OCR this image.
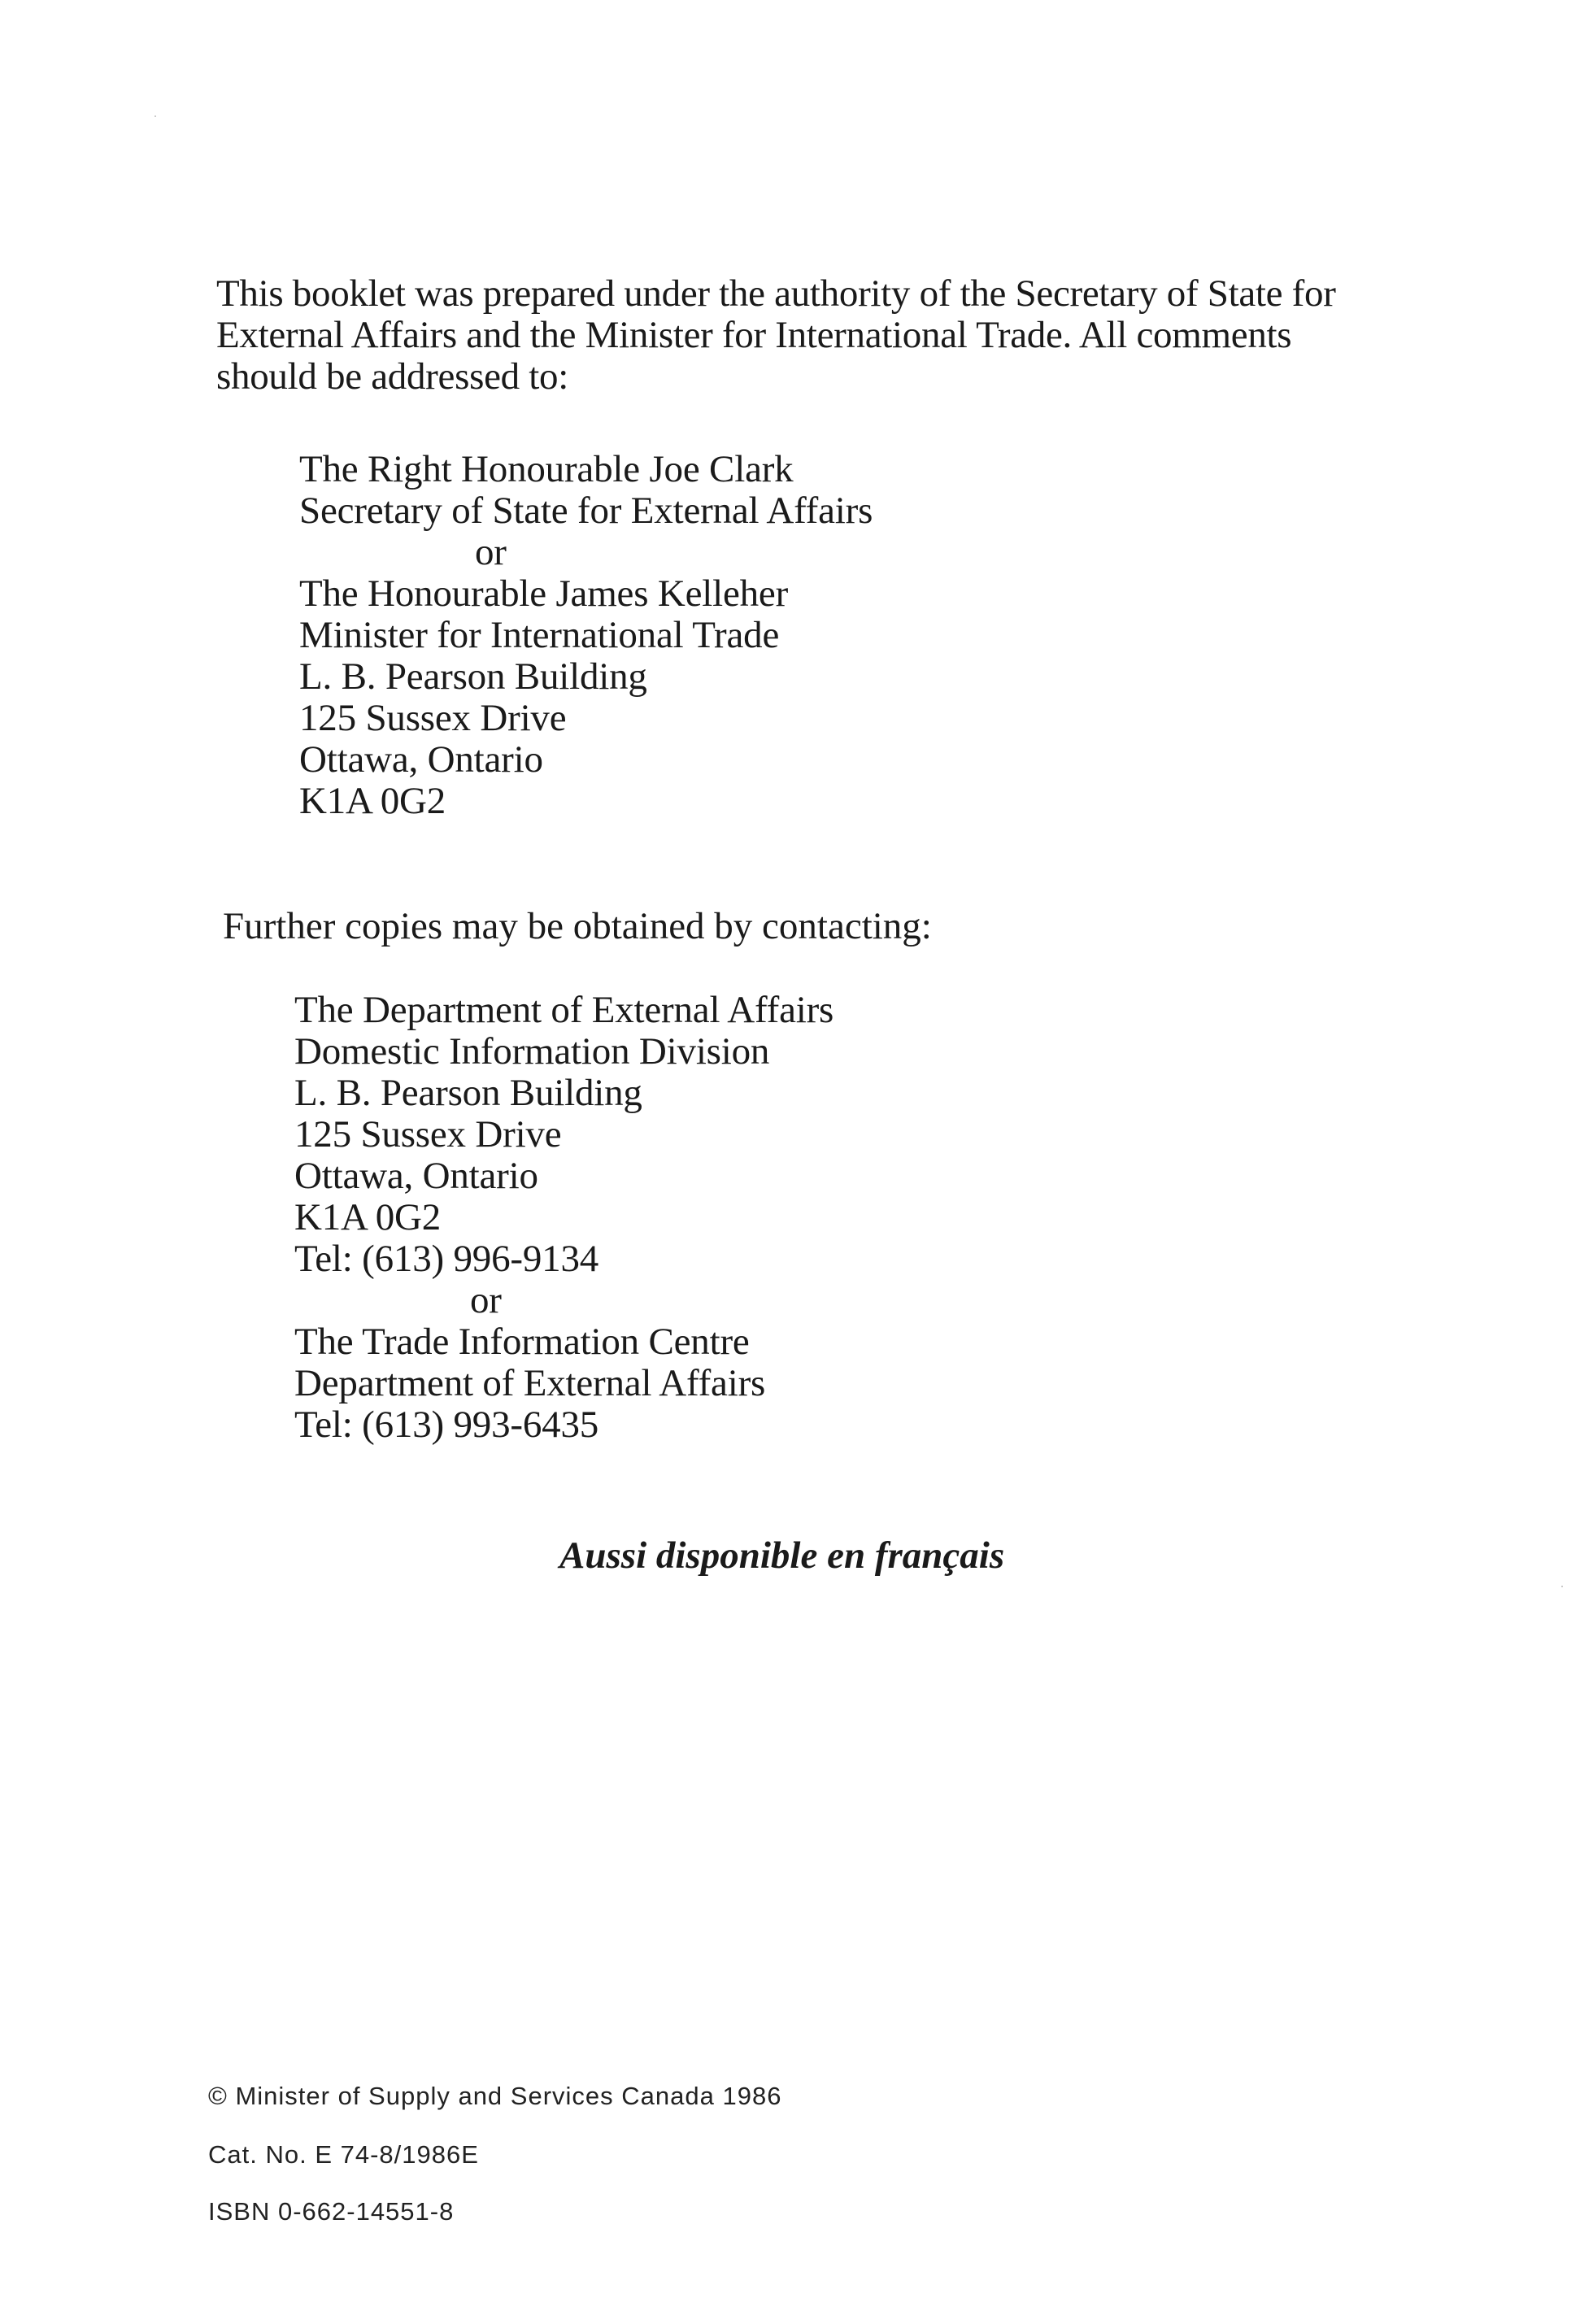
This booklet was prepared under the authority of the Secretary of State for
External Affairs and the Minister for International Trade. All comments
should be addressed to:
The Right Honourable Joe Clark
Secretary of State for External Affairs
or
The Honourable James Kelleher
Minister for International Trade
L. B. Pearson Building
125 Sussex Drive
Ottawa, Ontario
K1A 0G2
Further copies may be obtained by contacting:
The Department of External Affairs
Domestic Information Division
L. B. Pearson Building
125 Sussex Drive
Ottawa, Ontario
K1A 0G2
Tel: (613) 996-9134
or
The Trade Information Centre
Department of External Affairs
Tel: (613) 993-6435
Aussi disponible en français
© Minister of Supply and Services Canada 1986
Cat. No. E 74-8/1986E
ISBN 0-662-14551-8
